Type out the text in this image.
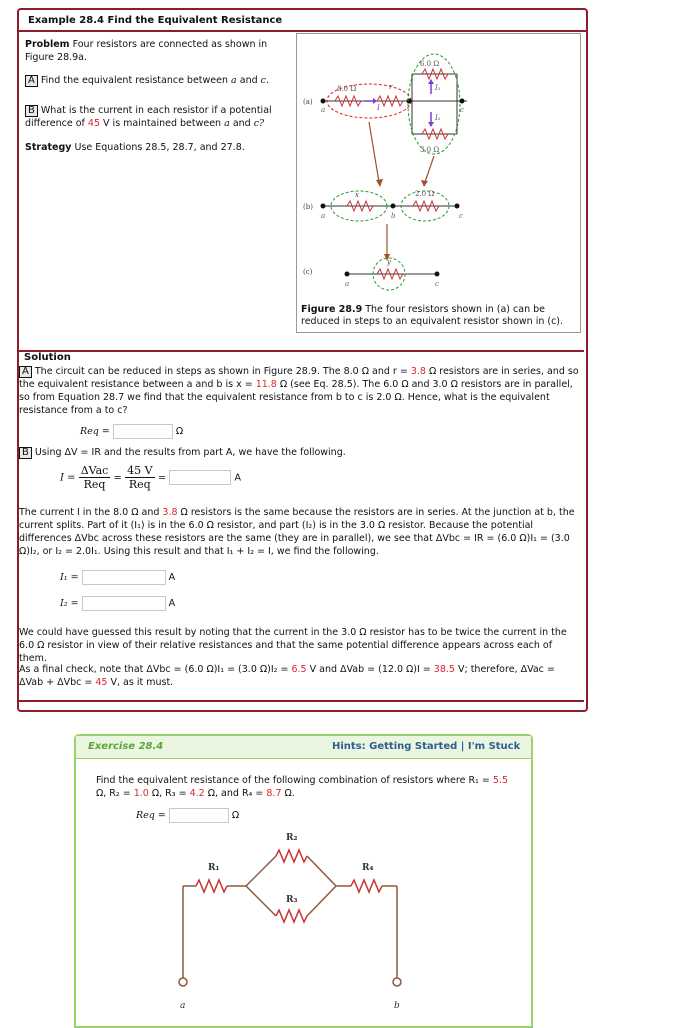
Example 28.4 Find the Equivalent Resistance
Problem Four resistors are connected as shown in Figure 28.9a.
A Find the equivalent resistance between a and c.
B What is the current in each resistor if a potential difference of 45 V is maintained between a and c?
Strategy Use Equations 28.5, 28.7, and 27.8.
(a)
a
8.0 Ω	r
I
6.0 Ω
3.0 Ω
I₁
I₂
c
(b)
a
x
b
2.0 Ω
c
(c)
a
y
c
Figure 28.9 The four resistors shown in (a) can be reduced in steps to an equivalent resistor shown in (c).
Solution
A The circuit can be reduced in steps as shown in Figure 28.9. The 8.0 Ω and r = 3.8 Ω resistors are in series, and so the equivalent resistance between a and b is x = 11.8 Ω (see Eq. 28.5). The 6.0 Ω and 3.0 Ω resistors are in parallel, so from Equation 28.7 we find that the equivalent resistance from b to c is 2.0 Ω. Hence, what is the equivalent resistance from a to c?
Req =	Ω
B Using ΔV = IR and the results from part A, we have the following.
$I = \frac{\text{ΔVac}}{\text{Req}} = \frac{45 V}{\text{Req}}$ =	A
The current I in the 8.0 Ω and 3.8 Ω resistors is the same because the resistors are in series. At the junction at b, the current splits. Part of it (I₁) is in the 6.0 Ω resistor, and part (I₂) is in the 3.0 Ω resistor. Because the potential differences ΔVbc across these resistors are the same (they are in parallel), we see that ΔVbc = IR = (6.0 Ω)I₁ = (3.0 Ω)I₂, or I₂ = 2.0I₁. Using this result and that I₁ + I₂ = I, we find the following.
I₁ =	A
I₂ =	A
We could have guessed this result by noting that the current in the 3.0 Ω resistor has to be twice the current in the 6.0 Ω resistor in view of their relative resistances and that the same potential difference appears across each of them.
As a final check, note that ΔVbc = (6.0 Ω)I₁ = (3.0 Ω)I₂ = 6.5 V and ΔVab = (12.0 Ω)I = 38.5 V; therefore, ΔVac = ΔVab + ΔVbc = 45 V, as it must.
Exercise 28.4	Hints: Getting Started | I'm Stuck
Find the equivalent resistance of the following combination of resistors where R₁ = 5.5 Ω, R₂ = 1.0 Ω, R₃ = 4.2 Ω, and R₄ = 8.7 Ω.
Req =	Ω
a
R₁
R₂
R₃
R₄
b
